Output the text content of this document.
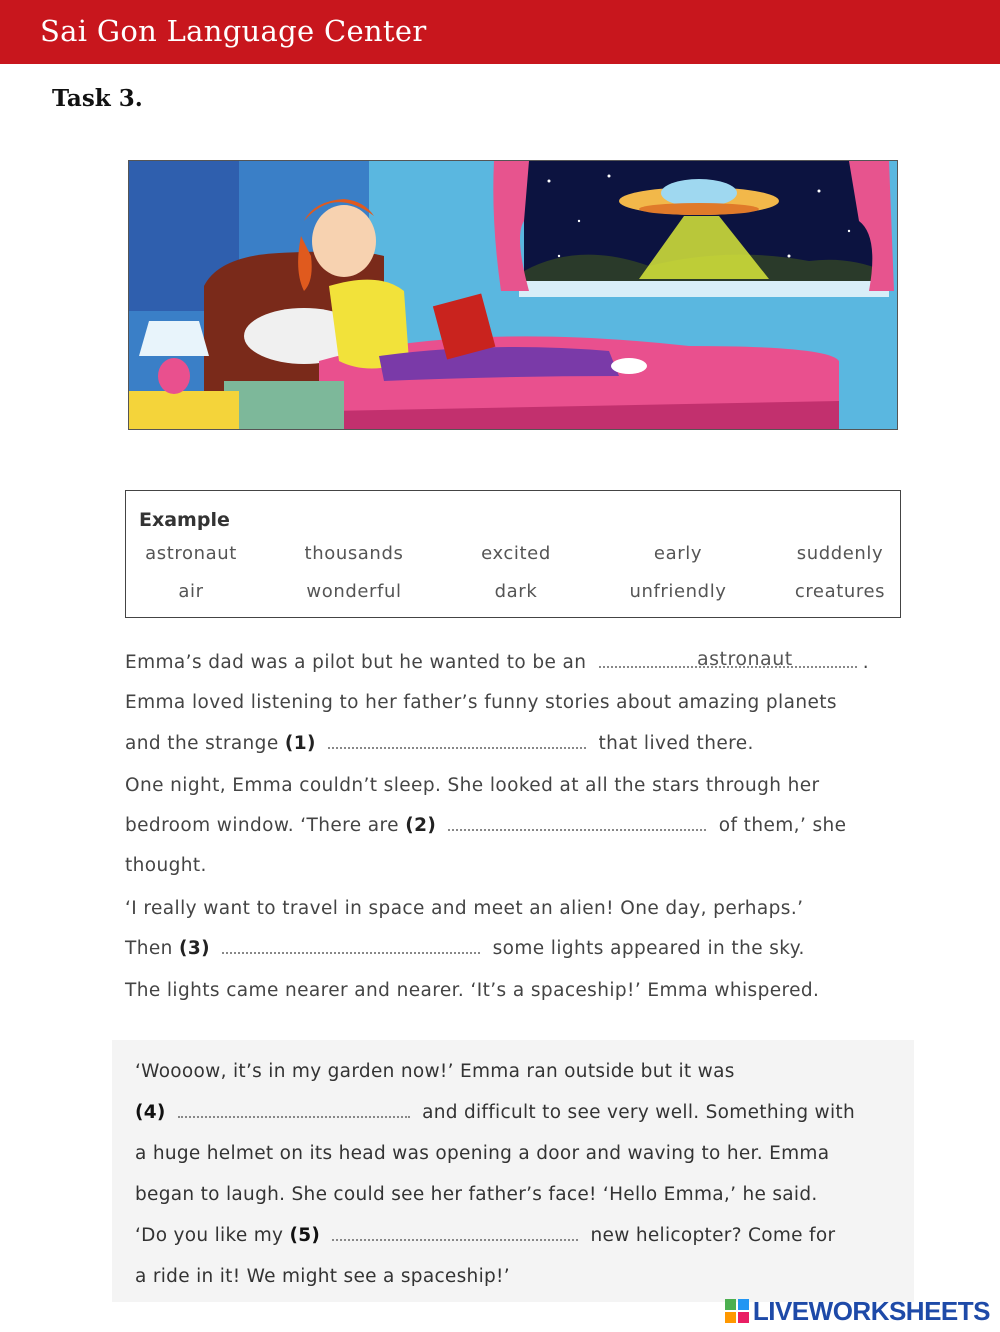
Sai Gon Language Center
Task 3.
Example
astronaut	thousands	excited	early	suddenly
air	wonderful	dark	unfriendly	creatures
Emma’s dad was a pilot but he wanted to be an	.
astronaut
Emma loved listening to her father’s funny stories about amazing planets
and the strange (1)	that lived there.
One night, Emma couldn’t sleep. She looked at all the stars through her
bedroom window. ‘There are (2)	of them,’ she
thought.
‘I really want to travel in space and meet an alien! One day, perhaps.’
Then (3)	some lights appeared in the sky.
The lights came nearer and nearer. ‘It’s a spaceship!’ Emma whispered.
‘Woooow, it’s in my garden now!’ Emma ran outside but it was
(4)	and difficult to see very well. Something with
a huge helmet on its head was opening a door and waving to her. Emma
began to laugh. She could see her father’s face! ‘Hello Emma,’ he said.
‘Do you like my (5)	new helicopter? Come for
a ride in it! We might see a spaceship!’
LIVEWORKSHEETS
